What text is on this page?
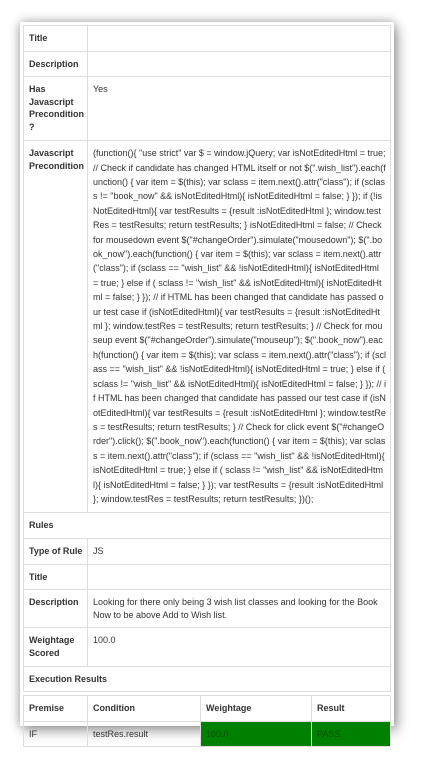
Title	
Description	
Has Javascript Precondition ?	Yes
Javascript Precondition	(function(){ "use strict" var $ = window.jQuery; var isNotEditedHtml = true; // Check if candidate has changed HTML itself or not $(".wish_list").each(function() { var item = $(this); var sclass = item.next().attr("class"); if (sclass != "book_now" && isNotEditedHtml){ isNotEditedHtml = false; } }); if (!isNotEditedHtml){ var testResults = {result :isNotEditedHtml }; window.testRes = testResults; return testResults; } isNotEditedHtml = false; // Check for mousedown event $("#changeOrder").simulate("mousedown"); $(".book_now").each(function() { var item = $(this); var sclass = item.next().attr("class"); if (sclass == "wish_list" && !isNotEditedHtml){ isNotEditedHtml = true; } else if ( sclass != "wish_list" && isNotEditedHtml){ isNotEditedHtml = false; } }); // if HTML has been changed that candidate has passed our test case if (isNotEditedHtml){ var testResults = {result :isNotEditedHtml }; window.testRes = testResults; return testResults; } // Check for mouseup event $("#changeOrder").simulate("mouseup"); $(".book_now").each(function() { var item = $(this); var sclass = item.next().attr("class"); if (sclass == "wish_list" && !isNotEditedHtml){ isNotEditedHtml = true; } else if ( sclass != "wish_list" && isNotEditedHtml){ isNotEditedHtml = false; } }); // if HTML has been changed that candidate has passed our test case if (isNotEditedHtml){ var testResults = {result :isNotEditedHtml }; window.testRes = testResults; return testResults; } // Check for click event $("#changeOrder").click(); $(".book_now").each(function() { var item = $(this); var sclass = item.next().attr("class"); if (sclass == "wish_list" && !isNotEditedHtml){ isNotEditedHtml = true; } else if ( sclass != "wish_list" && isNotEditedHtml){ isNotEditedHtml = false; } }); var testResults = {result :isNotEditedHtml }; window.testRes = testResults; return testResults; })();
Rules	
Type of Rule	JS
Title	
Description	Looking for there only being 3 wish list classes and looking for the Book Now to be above Add to Wish list.
Weightage Scored	100.0
Execution Results	
Premise	Condition	Weightage	Result
IF	testRes.result	100.0	PASS
